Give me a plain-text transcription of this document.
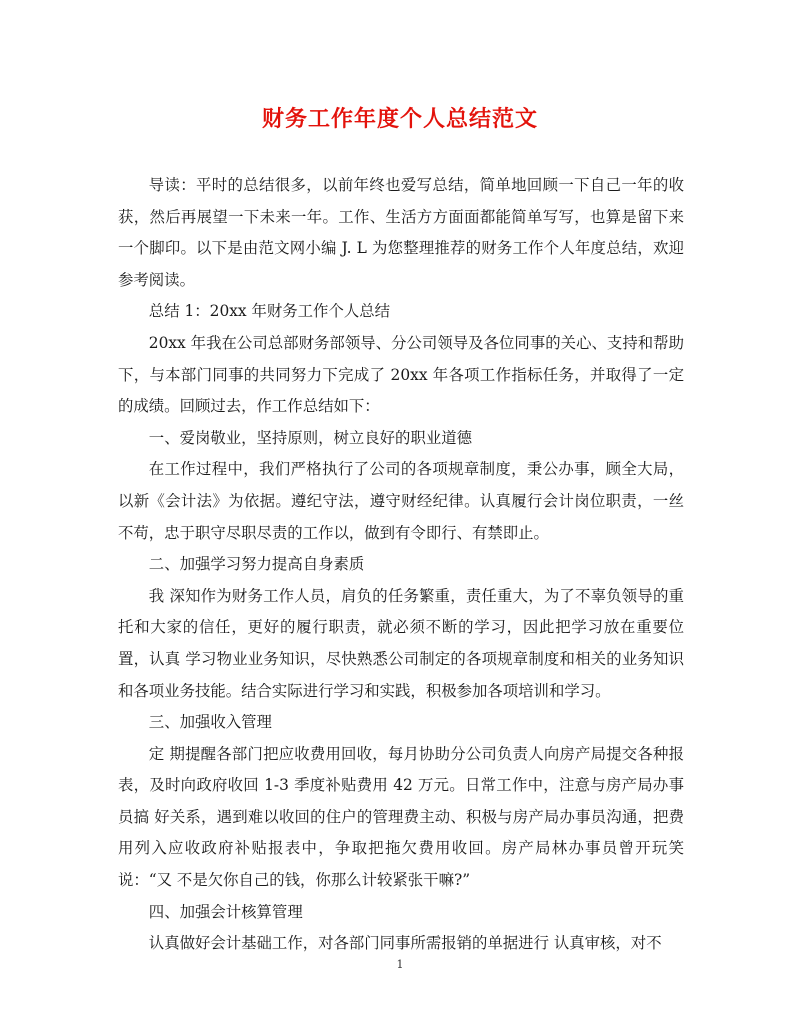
财务工作年度个人总结范文

导读：平时的总结很多，以前年终也爱写总结，简单地回顾一下自己一年的收获，然后再展望一下未来一年。工作、生活方方面面都能简单写写，也算是留下来一个脚印。以下是由范文网小编 J. L 为您整理推荐的财务工作个人年度总结，欢迎参考阅读。

总结 1：20xx 年财务工作个人总结

20xx 年我在公司总部财务部领导、分公司领导及各位同事的关心、支持和帮助下，与本部门同事的共同努力下完成了 20xx 年各项工作指标任务，并取得了一定的成绩。回顾过去，作工作总结如下：

一、爱岗敬业，坚持原则，树立良好的职业道德

在工作过程中，我们严格执行了公司的各项规章制度，秉公办事，顾全大局，以新《会计法》为依据。遵纪守法，遵守财经纪律。认真履行会计岗位职责，一丝不苟，忠于职守尽职尽责的工作以，做到有令即行、有禁即止。

二、加强学习努力提高自身素质

我 深知作为财务工作人员，肩负的任务繁重，责任重大，为了不辜负领导的重托和大家的信任，更好的履行职责，就必须不断的学习，因此把学习放在重要位置，认真 学习物业业务知识，尽快熟悉公司制定的各项规章制度和相关的业务知识和各项业务技能。结合实际进行学习和实践，积极参加各项培训和学习。

三、加强收入管理

定 期提醒各部门把应收费用回收，每月协助分公司负责人向房产局提交各种报表，及时向政府收回 1-3 季度补贴费用 42 万元。日常工作中，注意与房产局办事员搞 好关系，遇到难以收回的住户的管理费主动、积极与房产局办事员沟通，把费用列入应收政府补贴报表中，争取把拖欠费用收回。房产局林办事员曾开玩笑说：“又 不是欠你自己的钱，你那么计较紧张干嘛?”

四、加强会计核算管理

认真做好会计基础工作，对各部门同事所需报销的单据进行 认真审核，对不

1
